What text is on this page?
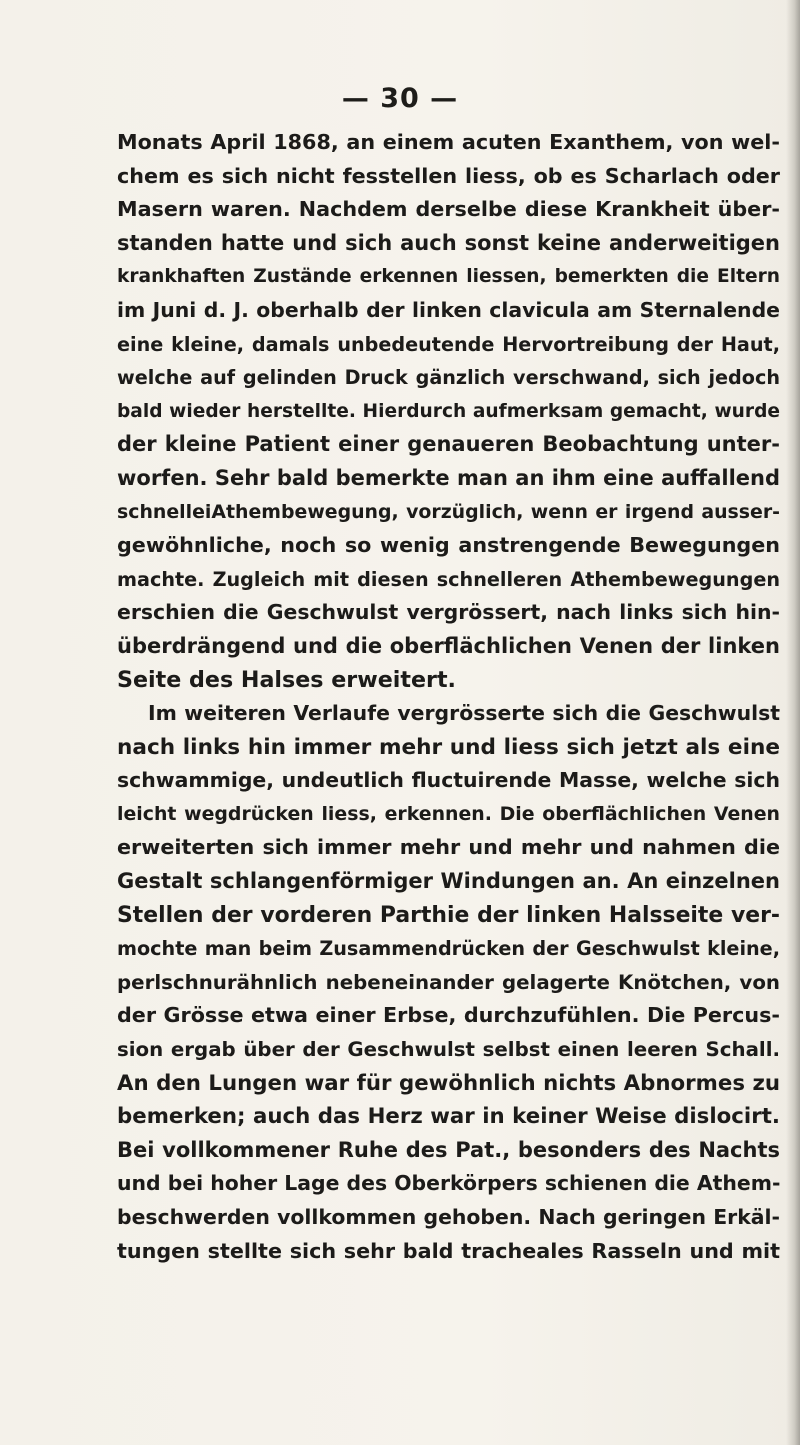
— 30 —
Monats April 1868, an einem acuten Exanthem, von wel-
chem es sich nicht fesstellen liess, ob es Scharlach oder
Masern waren. Nachdem derselbe diese Krankheit über-
standen hatte und sich auch sonst keine anderweitigen
krankhaften Zustände erkennen liessen, bemerkten die Eltern
im Juni d. J. oberhalb der linken clavicula am Sternalende
eine kleine, damals unbedeutende Hervortreibung der Haut,
welche auf gelinden Druck gänzlich verschwand, sich jedoch
bald wieder herstellte. Hierdurch aufmerksam gemacht, wurde
der kleine Patient einer genaueren Beobachtung unter-
worfen. Sehr bald bemerkte man an ihm eine auffallend
schnelleiAthembewegung, vorzüglich, wenn er irgend ausser-
gewöhnliche, noch so wenig anstrengende Bewegungen
machte. Zugleich mit diesen schnelleren Athembewegungen
erschien die Geschwulst vergrössert, nach links sich hin-
überdrängend und die oberflächlichen Venen der linken
Seite des Halses erweitert.
Im weiteren Verlaufe vergrösserte sich die Geschwulst
nach links hin immer mehr und liess sich jetzt als eine
schwammige, undeutlich fluctuirende Masse, welche sich
leicht wegdrücken liess, erkennen. Die oberflächlichen Venen
erweiterten sich immer mehr und mehr und nahmen die
Gestalt schlangenförmiger Windungen an. An einzelnen
Stellen der vorderen Parthie der linken Halsseite ver-
mochte man beim Zusammendrücken der Geschwulst kleine,
perlschnurähnlich nebeneinander gelagerte Knötchen, von
der Grösse etwa einer Erbse, durchzufühlen. Die Percus-
sion ergab über der Geschwulst selbst einen leeren Schall.
An den Lungen war für gewöhnlich nichts Abnormes zu
bemerken; auch das Herz war in keiner Weise dislocirt.
Bei vollkommener Ruhe des Pat., besonders des Nachts
und bei hoher Lage des Oberkörpers schienen die Athem-
beschwerden vollkommen gehoben. Nach geringen Erkäl-
tungen stellte sich sehr bald tracheales Rasseln und mit
